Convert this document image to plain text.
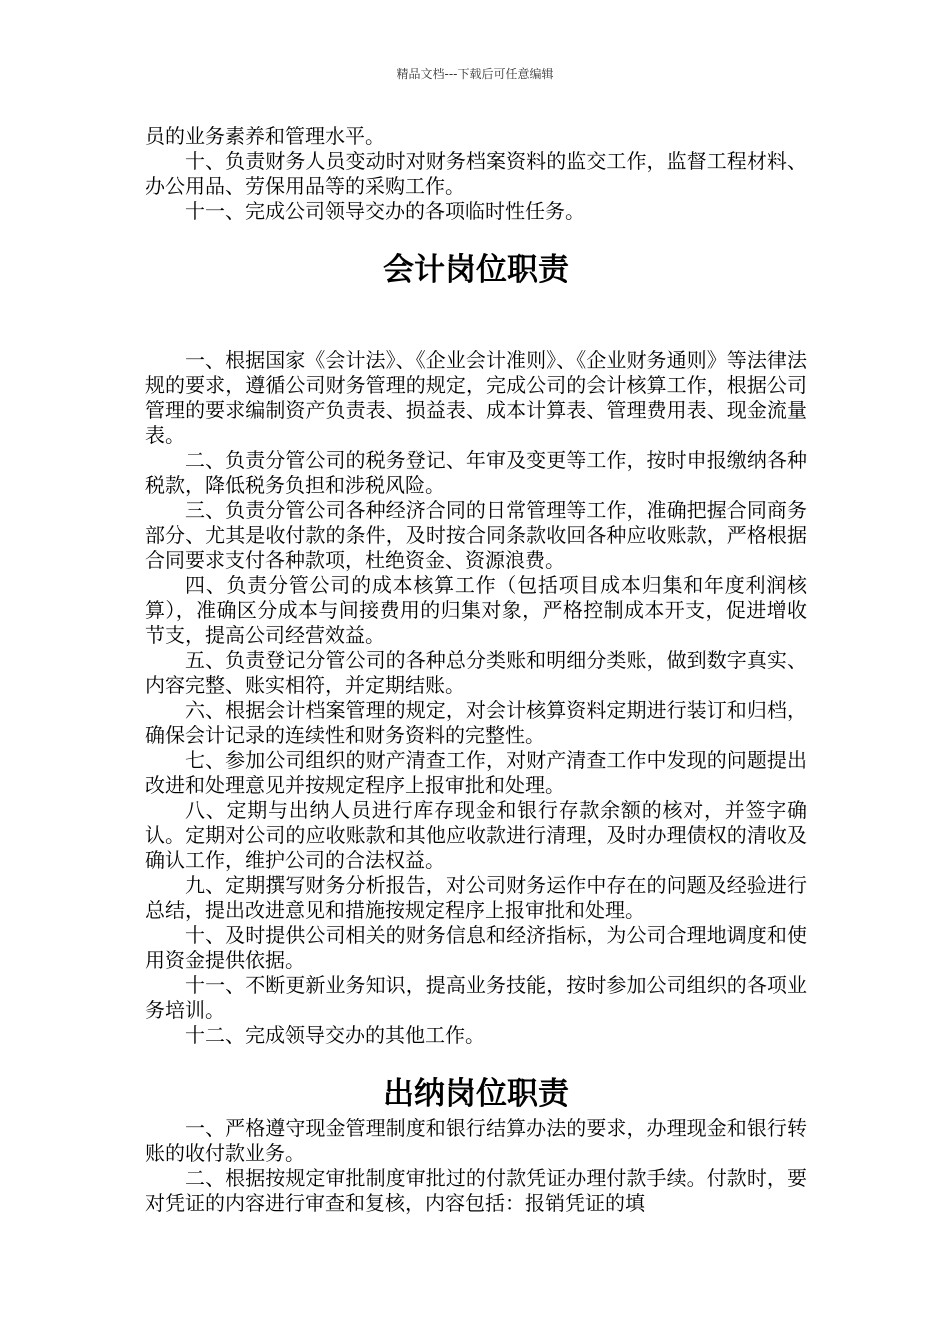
精品文档---下载后可任意编辑

员的业务素养和管理水平。

十、负责财务人员变动时对财务档案资料的监交工作，监督工程材料、办公用品、劳保用品等的采购工作。

十一、完成公司领导交办的各项临时性任务。

会计岗位职责

一、根据国家《会计法》、《企业会计准则》、《企业财务通则》等法律法规的要求，遵循公司财务管理的规定，完成公司的会计核算工作，根据公司管理的要求编制资产负责表、损益表、成本计算表、管理费用表、现金流量表。

二、负责分管公司的税务登记、年审及变更等工作，按时申报缴纳各种税款，降低税务负担和涉税风险。

三、负责分管公司各种经济合同的日常管理等工作，准确把握合同商务部分、尤其是收付款的条件，及时按合同条款收回各种应收账款，严格根据合同要求支付各种款项，杜绝资金、资源浪费。

四、负责分管公司的成本核算工作（包括项目成本归集和年度利润核算），准确区分成本与间接费用的归集对象，严格控制成本开支，促进增收节支，提高公司经营效益。

五、负责登记分管公司的各种总分类账和明细分类账，做到数字真实、内容完整、账实相符，并定期结账。

六、根据会计档案管理的规定，对会计核算资料定期进行装订和归档，确保会计记录的连续性和财务资料的完整性。

七、参加公司组织的财产清查工作，对财产清查工作中发现的问题提出改进和处理意见并按规定程序上报审批和处理。

八、定期与出纳人员进行库存现金和银行存款余额的核对，并签字确认。定期对公司的应收账款和其他应收款进行清理，及时办理债权的清收及确认工作，维护公司的合法权益。

九、定期撰写财务分析报告，对公司财务运作中存在的问题及经验进行总结，提出改进意见和措施按规定程序上报审批和处理。

十、及时提供公司相关的财务信息和经济指标，为公司合理地调度和使用资金提供依据。

十一、不断更新业务知识，提高业务技能，按时参加公司组织的各项业务培训。

十二、完成领导交办的其他工作。

出纳岗位职责

一、严格遵守现金管理制度和银行结算办法的要求，办理现金和银行转账的收付款业务。

二、根据按规定审批制度审批过的付款凭证办理付款手续。付款时，要对凭证的内容进行审查和复核，内容包括：报销凭证的填
